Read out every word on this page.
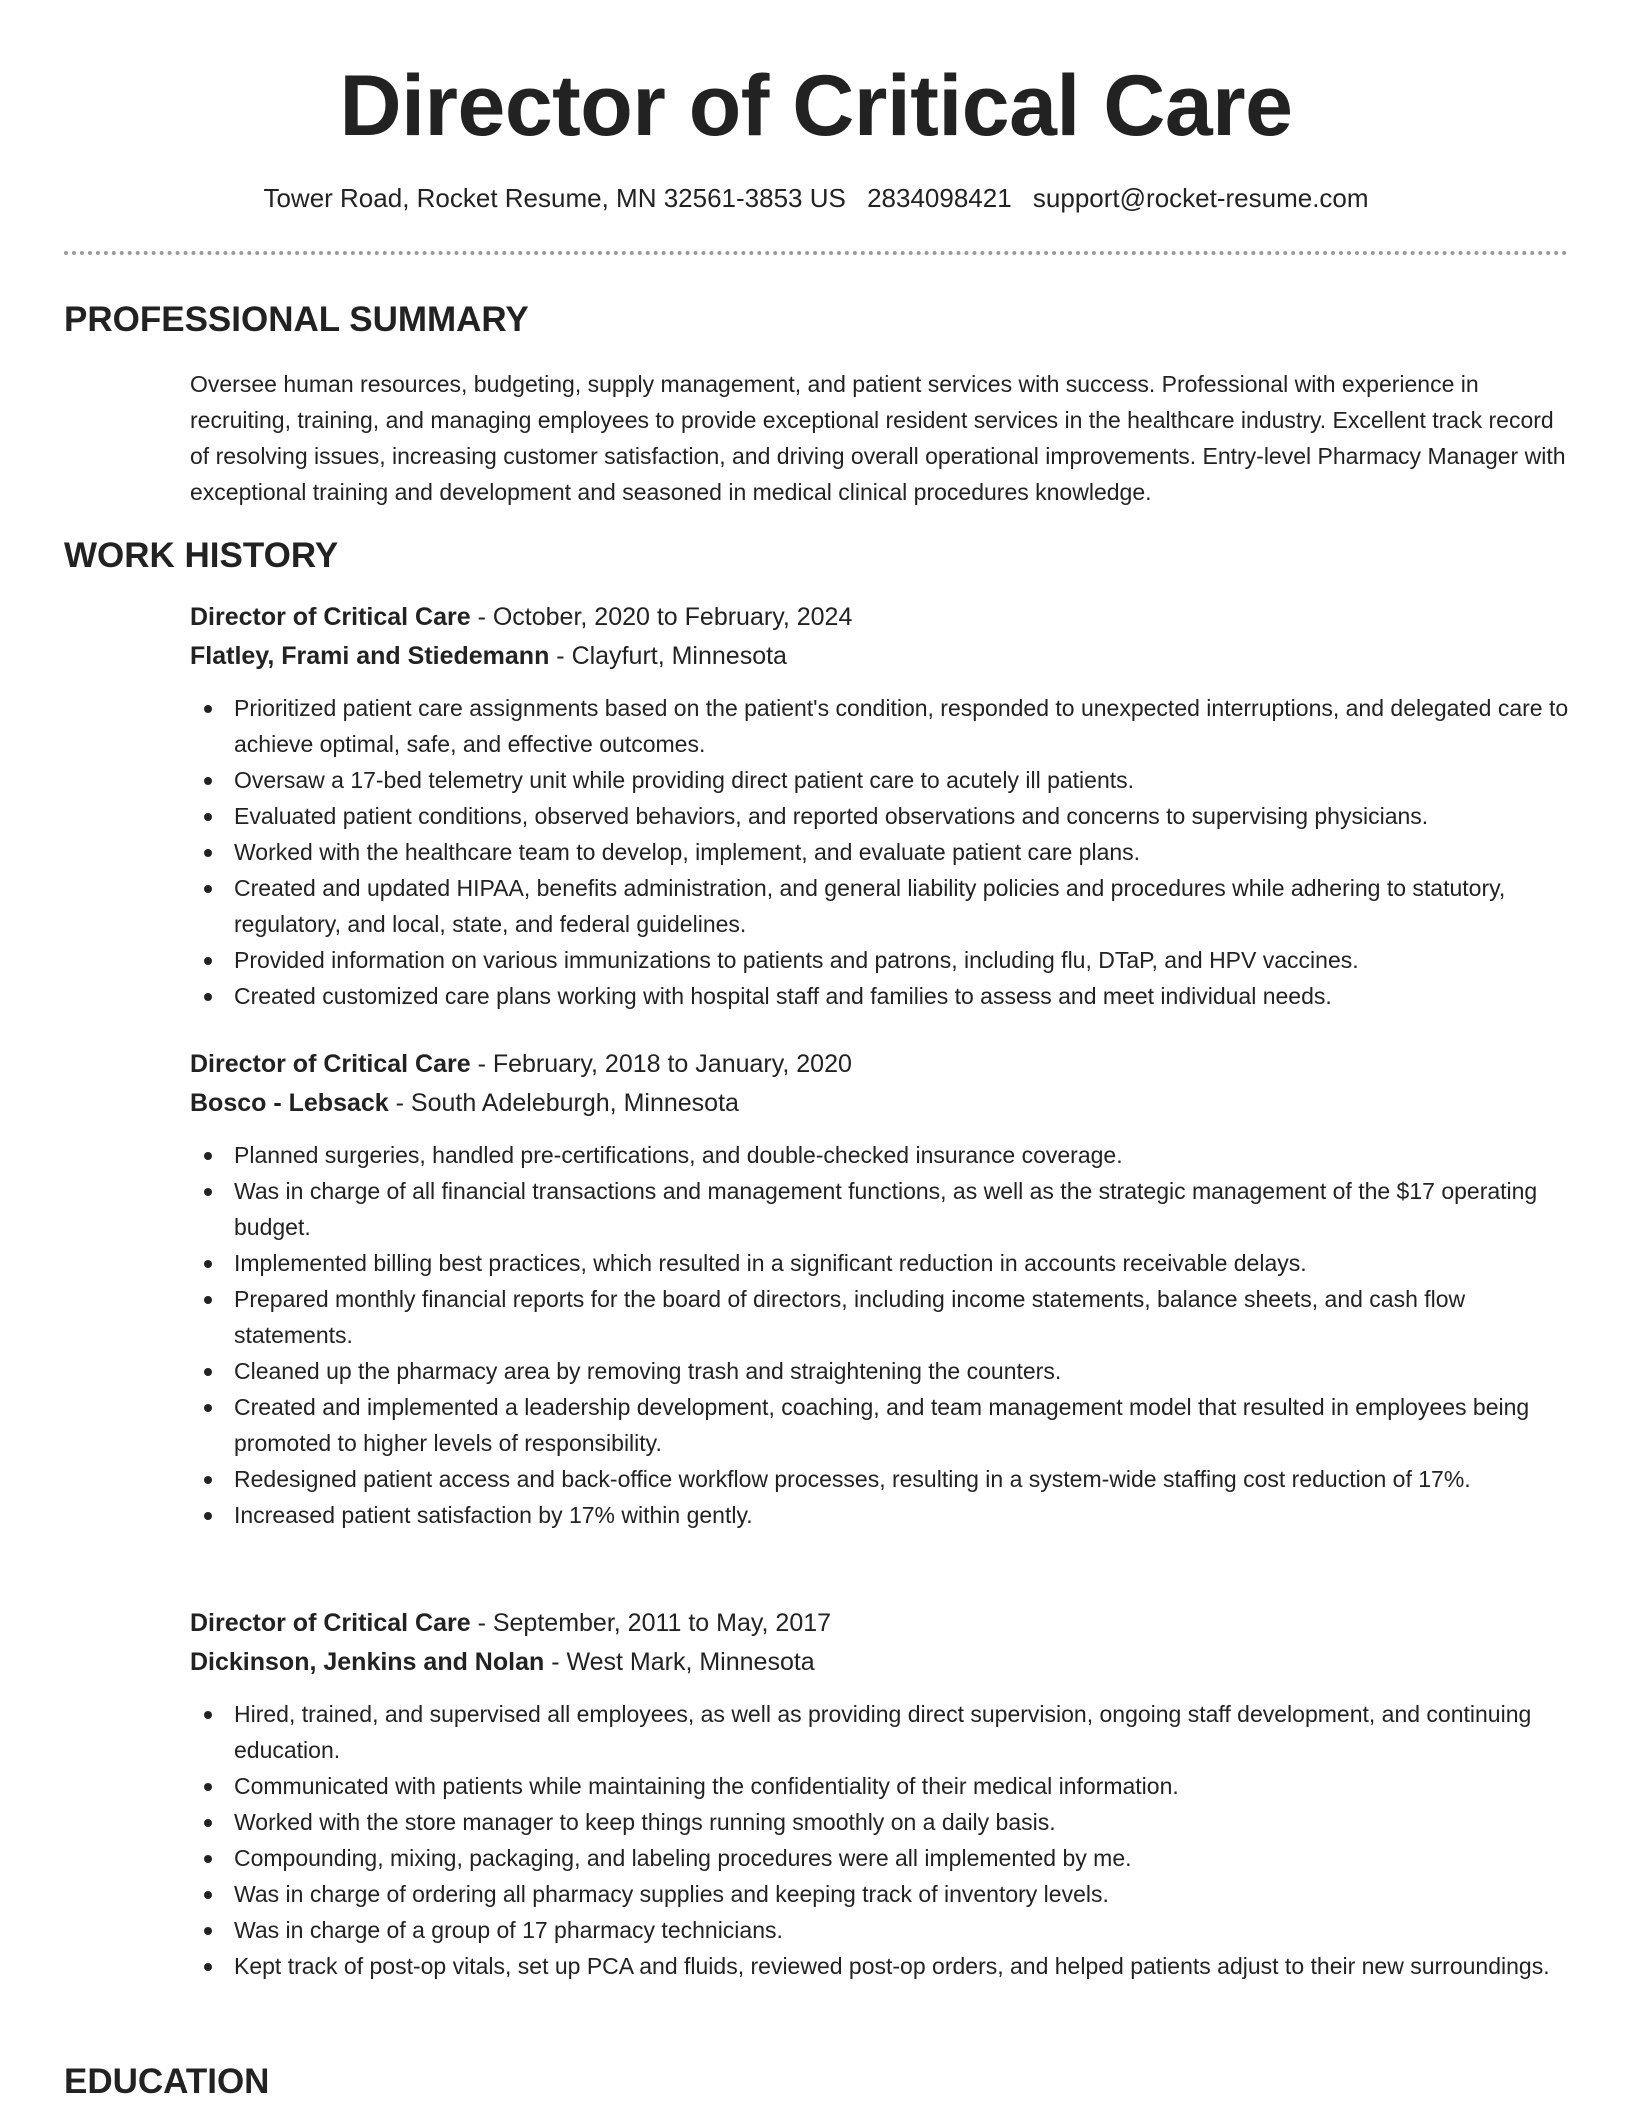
Director of Critical Care
Tower Road, Rocket Resume, MN 32561-3853 US 2834098421 support@rocket-resume.com
PROFESSIONAL SUMMARY

Oversee human resources, budgeting, supply management, and patient services with success. Professional with experience in recruiting, training, and managing employees to provide exceptional resident services in the healthcare industry. Excellent track record of resolving issues, increasing customer satisfaction, and driving overall operational improvements. Entry-level Pharmacy Manager with exceptional training and development and seasoned in medical clinical procedures knowledge.

WORK HISTORY
Director of Critical Care - October, 2020 to February, 2024
Flatley, Frami and Stiedemann - Clayfurt, Minnesota
Prioritized patient care assignments based on the patient's condition, responded to unexpected interruptions, and delegated care to achieve optimal, safe, and effective outcomes.
Oversaw a 17-bed telemetry unit while providing direct patient care to acutely ill patients.
Evaluated patient conditions, observed behaviors, and reported observations and concerns to supervising physicians.
Worked with the healthcare team to develop, implement, and evaluate patient care plans.
Created and updated HIPAA, benefits administration, and general liability policies and procedures while adhering to statutory, regulatory, and local, state, and federal guidelines.
Provided information on various immunizations to patients and patrons, including flu, DTaP, and HPV vaccines.
Created customized care plans working with hospital staff and families to assess and meet individual needs.
Director of Critical Care - February, 2018 to January, 2020
Bosco - Lebsack - South Adeleburgh, Minnesota
Planned surgeries, handled pre-certifications, and double-checked insurance coverage.
Was in charge of all financial transactions and management functions, as well as the strategic management of the $17 operating budget.
Implemented billing best practices, which resulted in a significant reduction in accounts receivable delays.
Prepared monthly financial reports for the board of directors, including income statements, balance sheets, and cash flow statements.
Cleaned up the pharmacy area by removing trash and straightening the counters.
Created and implemented a leadership development, coaching, and team management model that resulted in employees being promoted to higher levels of responsibility.
Redesigned patient access and back-office workflow processes, resulting in a system-wide staffing cost reduction of 17%.
Increased patient satisfaction by 17% within gently.
Director of Critical Care - September, 2011 to May, 2017
Dickinson, Jenkins and Nolan - West Mark, Minnesota
Hired, trained, and supervised all employees, as well as providing direct supervision, ongoing staff development, and continuing education.
Communicated with patients while maintaining the confidentiality of their medical information.
Worked with the store manager to keep things running smoothly on a daily basis.
Compounding, mixing, packaging, and labeling procedures were all implemented by me.
Was in charge of ordering all pharmacy supplies and keeping track of inventory levels.
Was in charge of a group of 17 pharmacy technicians.
Kept track of post-op vitals, set up PCA and fluids, reviewed post-op orders, and helped patients adjust to their new surroundings.
EDUCATION
